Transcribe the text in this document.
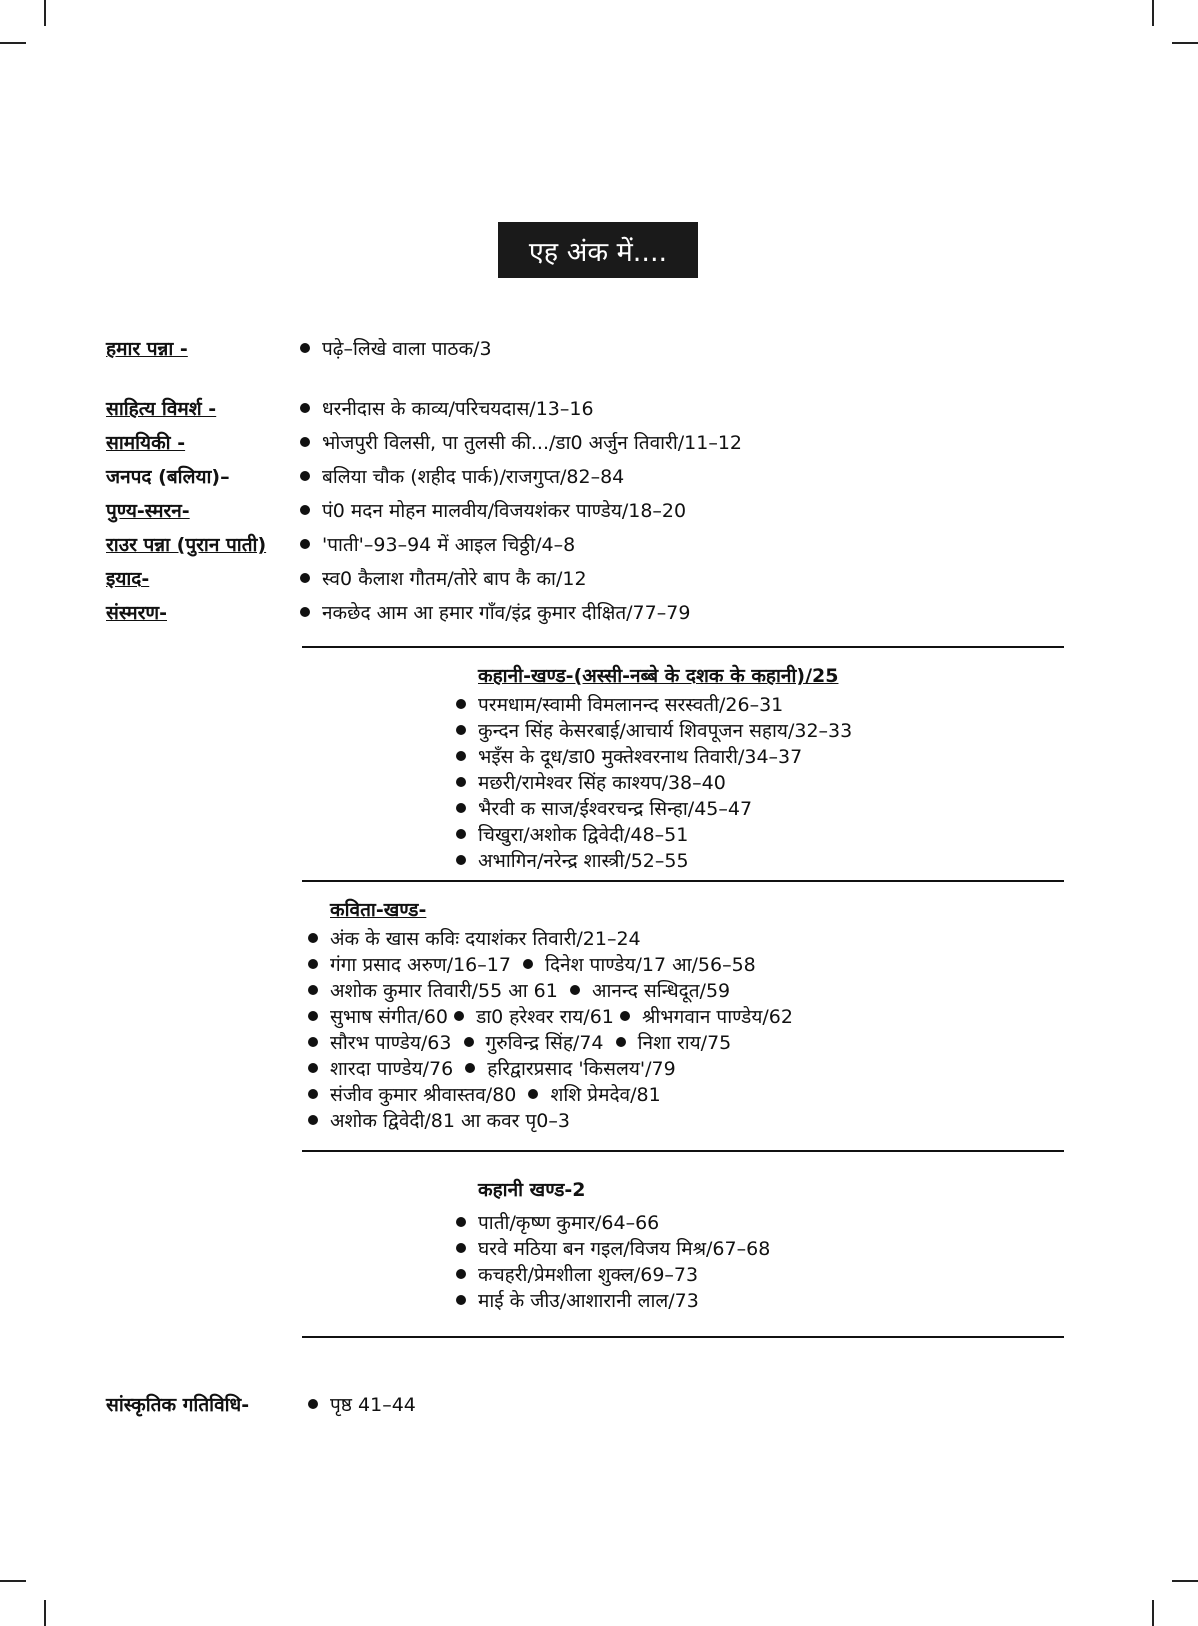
एह अंक में....
हमार पन्ना -	पढ़े–लिखे वाला पाठक/3
साहित्य विमर्श -	धरनीदास के काव्य/परिचयदास/13–16
सामयिकी -	भोजपुरी विलसी, पा तुलसी की.../डा0 अर्जुन तिवारी/11–12
जनपद (बलिया)–	बलिया चौक (शहीद पार्क)/राजगुप्त/82–84
पुण्य-स्मरन-	पं0 मदन मोहन मालवीय/विजयशंकर पाण्डेय/18–20
राउर पन्ना (पुरान पाती)	'पाती'–93–94 में आइल चिठ्ठी/4–8
इयाद-	स्व0 कैलाश गौतम/तोरे बाप कै का/12
संस्मरण-	नकछेद आम आ हमार गाँव/इंद्र कुमार दीक्षित/77–79
कहानी-खण्ड-(अस्सी-नब्बे के दशक के कहानी)/25
परमधाम/स्वामी विमलानन्द सरस्वती/26–31
कुन्दन सिंह केसरबाई/आचार्य शिवपूजन सहाय/32–33
भइँस के दूध/डा0 मुक्तेश्वरनाथ तिवारी/34–37
मछरी/रामेश्वर सिंह काश्यप/38–40
भैरवी क साज/ईश्वरचन्द्र सिन्हा/45–47
चिखुरा/अशोक द्विवेदी/48–51
अभागिन/नरेन्द्र शास्त्री/52–55
कविता-खण्ड-
अंक के खास कविः दयाशंकर तिवारी/21–24
गंगा प्रसाद अरुण/16–17 दिनेश पाण्डेय/17 आ/56–58
अशोक कुमार तिवारी/55 आ 61 आनन्द सन्धिदूत/59
सुभाष संगीत/60 डा0 हरेश्वर राय/61 श्रीभगवान पाण्डेय/62
सौरभ पाण्डेय/63 गुरुविन्द्र सिंह/74 निशा राय/75
शारदा पाण्डेय/76 हरिद्वारप्रसाद 'किसलय'/79
संजीव कुमार श्रीवास्तव/80 शशि प्रेमदेव/81
अशोक द्विवेदी/81 आ कवर पृ0–3
कहानी खण्ड-2
पाती/कृष्ण कुमार/64–66
घरवे मठिया बन गइल/विजय मिश्र/67–68
कचहरी/प्रेमशीला शुक्ल/69–73
माई के जीउ/आशारानी लाल/73
सांस्कृतिक गतिविधि-	पृष्ठ 41–44
